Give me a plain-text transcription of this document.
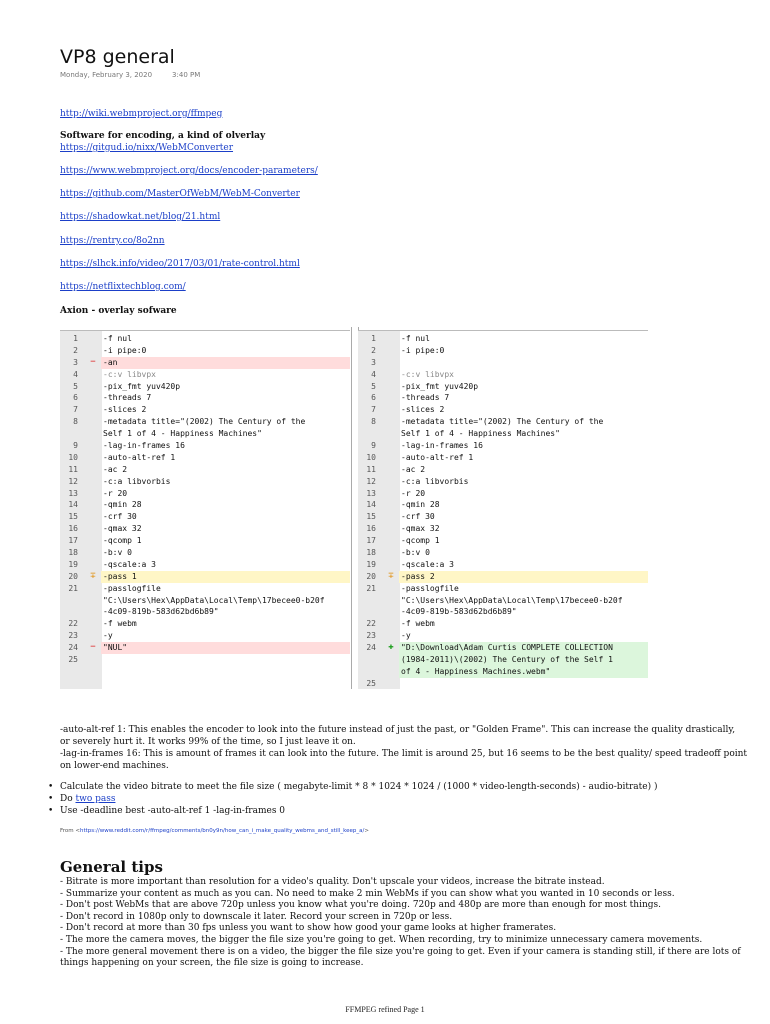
VP8 general
Monday, February 3, 2020	3:40 PM
http://wiki.webmproject.org/ffmpeg
Software for encoding, a kind of olverlay
https://gitgud.io/nixx/WebMConverter
https://www.webmproject.org/docs/encoder-parameters/
https://github.com/MasterOfWebM/WebM-Converter
https://shadowkat.net/blog/21.html
https://rentry.co/8o2nn
https://slhck.info/video/2017/03/01/rate-control.html
https://netflixtechblog.com/
Axion - overlay sofware
1	-f nul
2	-i pipe:0
3	− -an
4	-c:v libvpx
5	-pix_fmt yuv420p
6	-threads 7
7	-slices 2
8	-metadata title="(2002) The Century of the
Self 1 of 4 - Happiness Machines"
9	-lag-in-frames 16
10	-auto-alt-ref 1
11	-ac 2
12	-c:a libvorbis
13	-r 20
14	-qmin 28
15	-crf 30
16	-qmax 32
17	-qcomp 1
18	-b:v 0
19	-qscale:a 3
20	∓ -pass 1
21	-passlogfile
"C:\Users\Hex\AppData\Local\Temp\17becee0-b20f
-4c09-819b-583d62bd6b89"
22	-f webm
23	-y
24	− "NUL"
25
1	-f nul
2	-i pipe:0
3
4	-c:v libvpx
5	-pix_fmt yuv420p
6	-threads 7
7	-slices 2
8	-metadata title="(2002) The Century of the
Self 1 of 4 - Happiness Machines"
9	-lag-in-frames 16
10	-auto-alt-ref 1
11	-ac 2
12	-c:a libvorbis
13	-r 20
14	-qmin 28
15	-crf 30
16	-qmax 32
17	-qcomp 1
18	-b:v 0
19	-qscale:a 3
20	∓ -pass 2
21	-passlogfile
"C:\Users\Hex\AppData\Local\Temp\17becee0-b20f
-4c09-819b-583d62bd6b89"
22	-f webm
23	-y
24	✚ "D:\Download\Adam Curtis COMPLETE COLLECTION
(1984-2011)\(2002) The Century of the Self 1
of 4 - Happiness Machines.webm"
25
-auto-alt-ref 1: This enables the encoder to look into the future instead of just the past, or "Golden Frame". This can increase the quality drastically,
or severely hurt it. It works 99% of the time, so I just leave it on.
-lag-in-frames 16: This is amount of frames it can look into the future. The limit is around 25, but 16 seems to be the best quality/ speed tradeoff point
on lower-end machines.
• Calculate the video bitrate to meet the file size ( megabyte-limit * 8 * 1024 * 1024 / (1000 * video-length-seconds) - audio-bitrate) )
• Do two pass
• Use -deadline best -auto-alt-ref 1 -lag-in-frames 0
From <https://www.reddit.com/r/ffmpeg/comments/bn0y9n/how_can_i_make_quality_webms_and_still_keep_a/>
General tips
- Bitrate is more important than resolution for a video's quality. Don't upscale your videos, increase the bitrate instead.
- Summarize your content as much as you can. No need to make 2 min WebMs if you can show what you wanted in 10 seconds or less.
- Don't post WebMs that are above 720p unless you know what you're doing. 720p and 480p are more than enough for most things.
- Don't record in 1080p only to downscale it later. Record your screen in 720p or less.
- Don't record at more than 30 fps unless you want to show how good your game looks at higher framerates.
- The more the camera moves, the bigger the file size you're going to get. When recording, try to minimize unnecessary camera movements.
- The more general movement there is on a video, the bigger the file size you're going to get. Even if your camera is standing still, if there are lots of
things happening on your screen, the file size is going to increase.
FFMPEG refined Page 1
